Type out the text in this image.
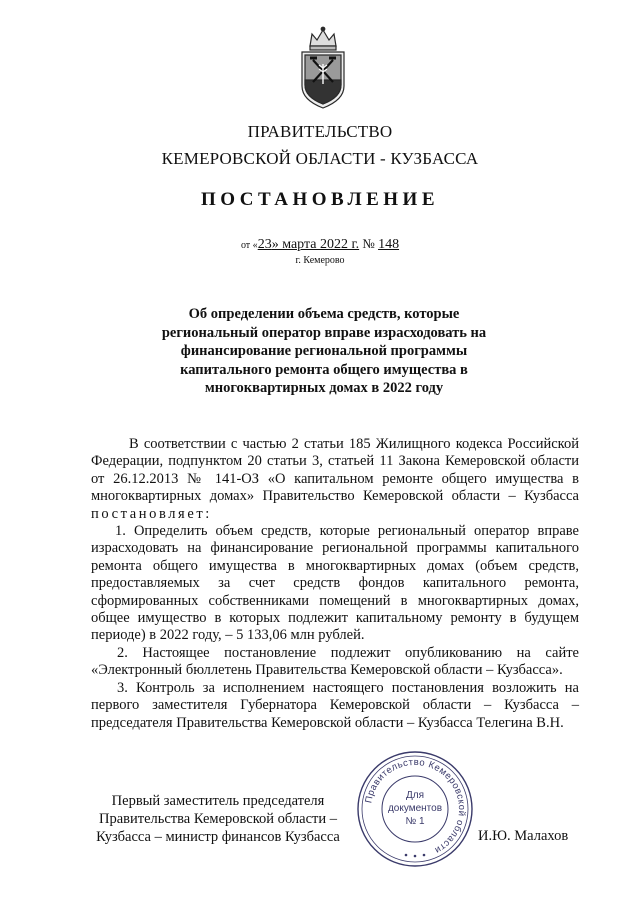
ПРАВИТЕЛЬСТВО
КЕМЕРОВСКОЙ ОБЛАСТИ - КУЗБАССА
ПОСТАНОВЛЕНИЕ
от «23» марта 2022 г. № 148
г. Кемерово
Об определении объема средств, которые
региональный оператор вправе израсходовать на
финансирование региональной программы
капитального ремонта общего имущества в
многоквартирных домах в 2022 году

В соответствии с частью 2 статьи 185 Жилищного кодекса Российской Федерации, подпунктом 20 статьи 3, статьей 11 Закона Кемеровской области от 26.12.2013 № 141-ОЗ «О капитальном ремонте общего имущества в многоквартирных домах» Правительство Кемеровской области – Кузбасса постановляет:

1. Определить объем средств, которые региональный оператор вправе израсходовать на финансирование региональной программы капитального ремонта общего имущества в многоквартирных домах (объем средств, предоставляемых за счет средств фондов капитального ремонта, сформированных собственниками помещений в многоквартирных домах, общее имущество в которых подлежит капитальному ремонту в будущем периоде) в 2022 году, – 5 133,06 млн рублей.

2. Настоящее постановление подлежит опубликованию на сайте «Электронный бюллетень Правительства Кемеровской области – Кузбасса».

3. Контроль за исполнением настоящего постановления возложить на первого заместителя Губернатора Кемеровской области – Кузбасса – председателя Правительства Кемеровской области – Кузбасса Телегина В.Н.

Первый заместитель председателя
Правительства Кемеровской области –
Кузбасса – министр финансов Кузбасса	И.Ю. Малахов
Правительство Кемеровской области
Для
документов
№ 1
